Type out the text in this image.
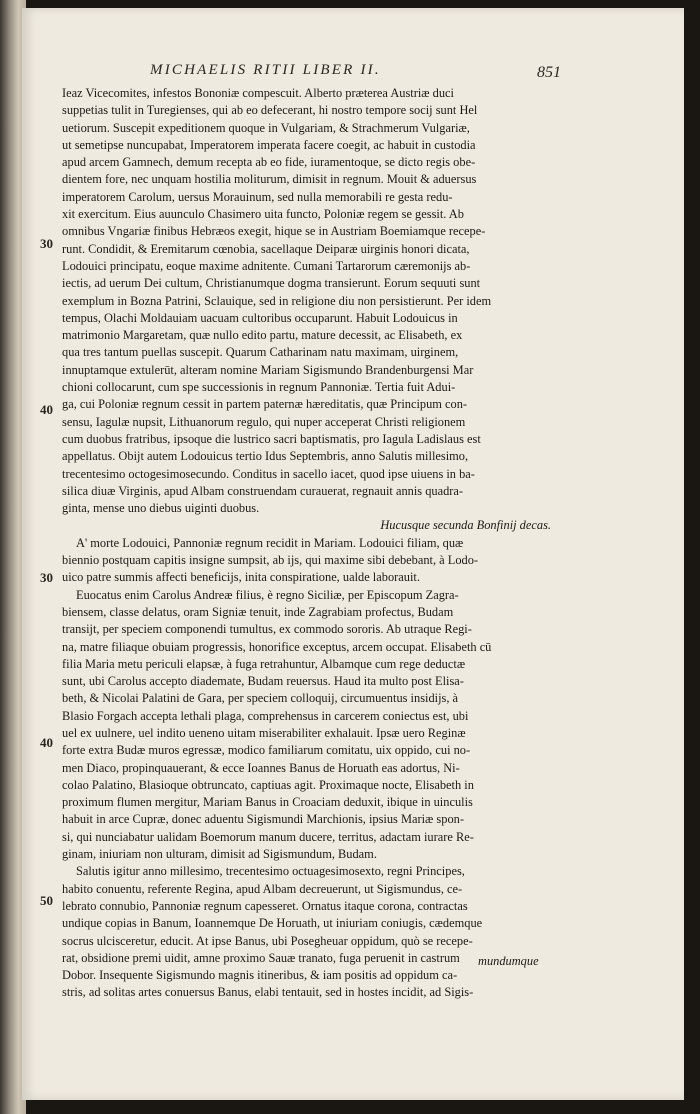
MICHAELIS RITII LIBER II.	851
30
40
30
40
50
Ieaz Vicecomites, infestos Bononiæ compescuit. Alberto præterea Austriæ duci
suppetias tulit in Turegienses, qui ab eo defecerant, hi nostro tempore socij sunt Hel
uetiorum. Suscepit expeditionem quoque in Vulgariam, & Strachmerum Vulgariæ,
ut semetipse nuncupabat, Imperatorem imperata facere coegit, ac habuit in custodia
apud arcem Gamnech, demum recepta ab eo fide, iuramentoque, se dicto regis obe-
dientem fore, nec unquam hostilia moliturum, dimisit in regnum. Mouit & aduersus
imperatorem Carolum, uersus Morauinum, sed nulla memorabili re gesta redu-
xit exercitum. Eius auunculo Chasimero uita functo, Poloniæ regem se gessit. Ab
omnibus Vngariæ finibus Hebræos exegit, hique se in Austriam Boemiamque recepe-
runt. Condidit, & Eremitarum cœnobia, sacellaque Deiparæ uirginis honori dicata,
Lodouici principatu, eoque maxime adnitente. Cumani Tartarorum cæremonijs ab-
iectis, ad uerum Dei cultum, Christianumque dogma transierunt. Eorum sequuti sunt
exemplum in Bozna Patrini, Sclauique, sed in religione diu non persistierunt. Per idem
tempus, Olachi Moldauiam uacuam cultoribus occuparunt. Habuit Lodouicus in
matrimonio Margaretam, quæ nullo edito partu, mature decessit, ac Elisabeth, ex
qua tres tantum puellas suscepit. Quarum Catharinam natu maximam, uirginem,
innuptamque extulerūt, alteram nomine Mariam Sigismundo Brandenburgensi Mar
chioni collocarunt, cum spe successionis in regnum Pannoniæ. Tertia fuit Adui-
ga, cui Poloniæ regnum cessit in partem paternæ hæreditatis, quæ Principum con-
sensu, Iagulæ nupsit, Lithuanorum regulo, qui nuper acceperat Christi religionem
cum duobus fratribus, ipsoque die lustrico sacri baptismatis, pro Iagula Ladislaus est
appellatus. Obijt autem Lodouicus tertio Idus Septembris, anno Salutis millesimo,
trecentesimo octogesimosecundo. Conditus in sacello iacet, quod ipse uiuens in ba-
silica diuæ Virginis, apud Albam construendam curauerat, regnauit annis quadra-
ginta, mense uno diebus uiginti duobus.
Hucusque secunda Bonfinij decas.
A' morte Lodouici, Pannoniæ regnum recidit in Mariam. Lodouici filiam, quæ
biennio postquam capitis insigne sumpsit, ab ijs, qui maxime sibi debebant, à Lodo-
uico patre summis affecti beneficijs, inita conspiratione, ualde laborauit.
Euocatus enim Carolus Andreæ filius, è regno Siciliæ, per Episcopum Zagra-
biensem, classe delatus, oram Signiæ tenuit, inde Zagrabiam profectus, Budam
transijt, per speciem componendi tumultus, ex commodo sororis. Ab utraque Regi-
na, matre filiaque obuiam progressis, honorifice exceptus, arcem occupat. Elisabeth cū
filia Maria metu periculi elapsæ, à fuga retrahuntur, Albamque cum rege deductæ
sunt, ubi Carolus accepto diademate, Budam reuersus. Haud ita multo post Elisa-
beth, & Nicolai Palatini de Gara, per speciem colloquij, circumuentus insidijs, à
Blasio Forgach accepta lethali plaga, comprehensus in carcerem coniectus est, ubi
uel ex uulnere, uel indito ueneno uitam miserabiliter exhalauit. Ipsæ uero Reginæ
forte extra Budæ muros egressæ, modico familiarum comitatu, uix oppido, cui no-
men Diaco, propinquauerant, & ecce Ioannes Banus de Horuath eas adortus, Ni-
colao Palatino, Blasioque obtruncato, captiuas agit. Proximaque nocte, Elisabeth in
proximum flumen mergitur, Mariam Banus in Croaciam deduxit, ibique in uinculis
habuit in arce Cupræ, donec aduentu Sigismundi Marchionis, ipsius Mariæ spon-
si, qui nunciabatur ualidam Boemorum manum ducere, territus, adactam iurare Re-
ginam, iniuriam non ulturam, dimisit ad Sigismundum, Budam.
Salutis igitur anno millesimo, trecentesimo octuagesimosexto, regni Principes,
habito conuentu, referente Regina, apud Albam decreuerunt, ut Sigismundus, ce-
lebrato connubio, Pannoniæ regnum capesseret. Ornatus itaque corona, contractas
undique copias in Banum, Ioannemque De Horuath, ut iniuriam coniugis, cædemque
socrus ulcisceretur, educit. At ipse Banus, ubi Posegheuar oppidum, quò se recepe-
rat, obsidione premi uidit, amne proximo Sauæ tranato, fuga peruenit in castrum
Dobor. Insequente Sigismundo magnis itineribus, & iam positis ad oppidum ca-
stris, ad solitas artes conuersus Banus, elabi tentauit, sed in hostes incidit, ad Sigis-
mundumque
